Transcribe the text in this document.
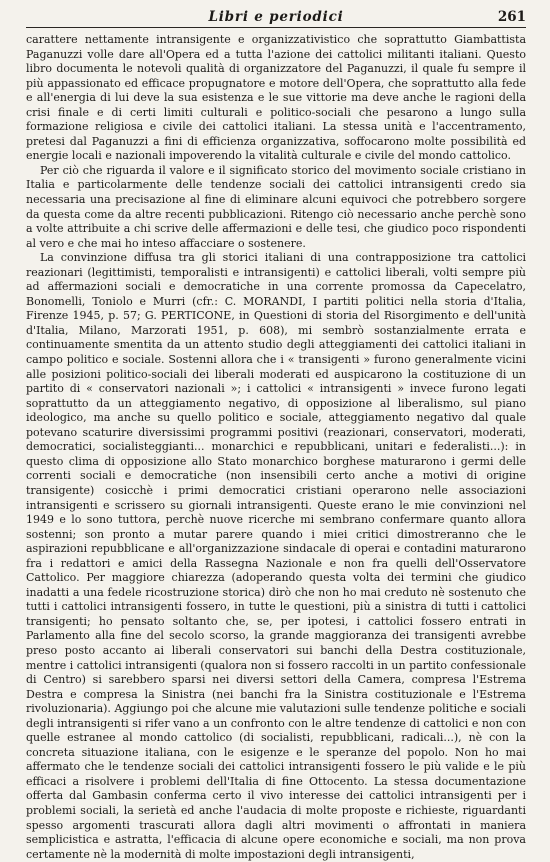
Libri e periodici	261

carattere nettamente intransigente e organizzativistico che soprattutto Giambattista Paganuzzi volle dare all'Opera ed a tutta l'azione dei cattolici militanti italiani. Questo libro documenta le notevoli qualità di organizzatore del Paganuzzi, il quale fu sempre il più appassionato ed efficace propugnatore e motore dell'Opera, che soprattutto alla fede e all'energia di lui deve la sua esistenza e le sue vittorie ma deve anche le ragioni della crisi finale e di certi limiti culturali e politico-sociali che pesarono a lungo sulla formazione religiosa e civile dei cattolici italiani. La stessa unità e l'accentramento, pretesi dal Paganuzzi a fini di efficienza organizzativa, soffocarono molte possibilità ed energie locali e nazionali impoverendo la vitalità culturale e civile del mondo cattolico.

Per ciò che riguarda il valore e il significato storico del movimento sociale cristiano in Italia e particolarmente delle tendenze sociali dei cattolici intransigenti credo sia necessaria una precisazione al fine di eliminare alcuni equivoci che potrebbero sorgere da questa come da altre recenti pubblicazioni. Ritengo ciò necessario anche perchè sono a volte attribuite a chi scrive delle affermazioni e delle tesi, che giudico poco rispondenti al vero e che mai ho inteso affacciare o sostenere.

La convinzione diffusa tra gli storici italiani di una contrapposizione tra cattolici reazionari (legittimisti, temporalisti e intransigenti) e cattolici liberali, volti sempre più ad affermazioni sociali e democratiche in una corrente promossa da Capecelatro, Bonomelli, Toniolo e Murri (cfr.: C. MORANDI, I partiti politici nella storia d'Italia, Firenze 1945, p. 57; G. PERTICONE, in Questioni di storia del Risorgimento e dell'unità d'Italia, Milano, Marzorati 1951, p. 608), mi sembrò sostanzialmente errata e continuamente smentita da un attento studio degli atteggiamenti dei cattolici italiani in campo politico e sociale. Sostenni allora che i « transigenti » furono generalmente vicini alle posizioni politico-sociali dei liberali moderati ed auspicarono la costituzione di un partito di « conservatori nazionali »; i cattolici « intransigenti » invece furono legati soprattutto da un atteggiamento negativo, di opposizione al liberalismo, sul piano ideologico, ma anche su quello politico e sociale, atteggiamento negativo dal quale potevano scaturire diversissimi programmi positivi (reazionari, conservatori, moderati, democratici, socialisteggianti... monarchici e repubblicani, unitari e federalisti...): in questo clima di opposizione allo Stato monarchico borghese maturarono i germi delle correnti sociali e democratiche (non insensibili certo anche a motivi di origine transigente) cosicchè i primi democratici cristiani operarono nelle associazioni intransigenti e scrissero su giornali intransigenti. Queste erano le mie convinzioni nel 1949 e lo sono tuttora, perchè nuove ricerche mi sembrano confermare quanto allora sostenni; son pronto a mutar parere quando i miei critici dimostreranno che le aspirazioni repubblicane e all'organizzazione sindacale di operai e contadini maturarono fra i redattori e amici della Rassegna Nazionale e non fra quelli dell'Osservatore Cattolico. Per maggiore chiarezza (adoperando questa volta dei termini che giudico inadatti a una fedele ricostruzione storica) dirò che non ho mai creduto nè sostenuto che tutti i cattolici intransigenti fossero, in tutte le questioni, più a sinistra di tutti i cattolici transigenti; ho pensato soltanto che, se, per ipotesi, i cattolici fossero entrati in Parlamento alla fine del secolo scorso, la grande maggioranza dei transigenti avrebbe preso posto accanto ai liberali conservatori sui banchi della Destra costituzionale, mentre i cattolici intransigenti (qualora non si fossero raccolti in un partito confessionale di Centro) si sarebbero sparsi nei diversi settori della Camera, compresa l'Estrema Destra e compresa la Sinistra (nei banchi fra la Sinistra costituzionale e l'Estrema rivoluzionaria). Aggiungo poi che alcune mie valutazioni sulle tendenze politiche e sociali degli intransigenti si rifer vano a un confronto con le altre tendenze di cattolici e non con quelle estranee al mondo cattolico (di socialisti, repubblicani, radicali...), nè con la concreta situazione italiana, con le esigenze e le speranze del popolo. Non ho mai affermato che le tendenze sociali dei cattolici intransigenti fossero le più valide e le più efficaci a risolvere i problemi dell'Italia di fine Ottocento. La stessa documentazione offerta dal Gambasin conferma certo il vivo interesse dei cattolici intransigenti per i problemi sociali, la serietà ed anche l'audacia di molte proposte e richieste, riguardanti spesso argomenti trascurati allora dagli altri movimenti o affrontati in maniera semplicistica e astratta, l'efficacia di alcune opere economiche e sociali, ma non prova certamente nè la modernità di molte impostazioni degli intransigenti,
